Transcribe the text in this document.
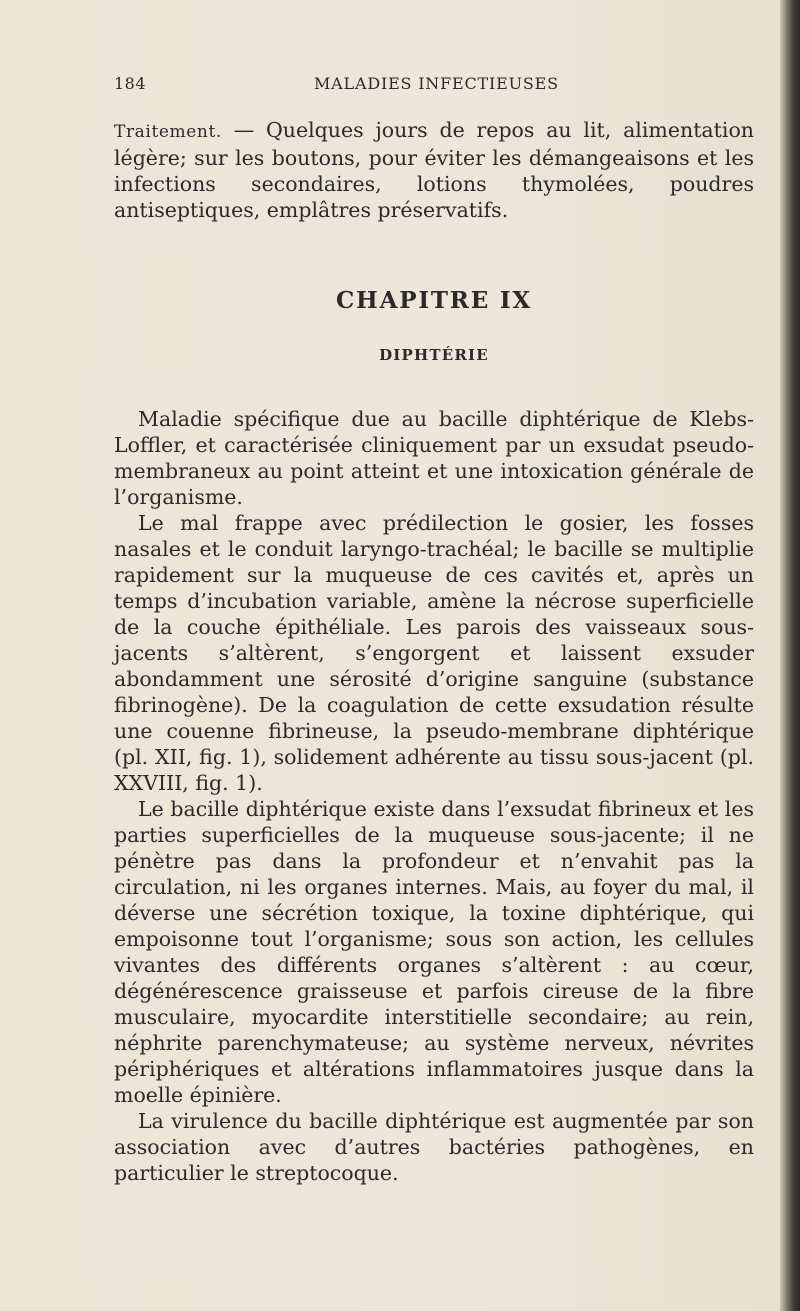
184	MALADIES INFECTIEUSES

Traitement. — Quelques jours de repos au lit, alimentation légère; sur les boutons, pour éviter les démangeaisons et les infections secondaires, lotions thymolées, poudres antiseptiques, emplâtres préservatifs.

CHAPITRE IX
DIPHTÉRIE

Maladie spécifique due au bacille diphtérique de Klebs-Loffler, et caractérisée cliniquement par un exsudat pseudo-membraneux au point atteint et une intoxication générale de l’organisme.

Le mal frappe avec prédilection le gosier, les fosses nasales et le conduit laryngo-trachéal; le bacille se multiplie rapidement sur la muqueuse de ces cavités et, après un temps d’incubation variable, amène la nécrose superficielle de la couche épithéliale. Les parois des vaisseaux sous-jacents s’altèrent, s’engorgent et laissent exsuder abondamment une sérosité d’origine sanguine (substance fibrinogène). De la coagulation de cette exsudation résulte une couenne fibrineuse, la pseudo-membrane diphtérique (pl. XII, fig. 1), solidement adhérente au tissu sous-jacent (pl. XXVIII, fig. 1).

Le bacille diphtérique existe dans l’exsudat fibrineux et les parties superficielles de la muqueuse sous-jacente; il ne pénètre pas dans la profondeur et n’envahit pas la circulation, ni les organes internes. Mais, au foyer du mal, il déverse une sécrétion toxique, la toxine diphtérique, qui empoisonne tout l’organisme; sous son action, les cellules vivantes des différents organes s’altèrent : au cœur, dégénérescence graisseuse et parfois cireuse de la fibre musculaire, myocardite interstitielle secondaire; au rein, néphrite parenchymateuse; au système nerveux, névrites périphériques et altérations inflammatoires jusque dans la moelle épinière.

La virulence du bacille diphtérique est augmentée par son association avec d’autres bactéries pathogènes, en particulier le streptocoque.
